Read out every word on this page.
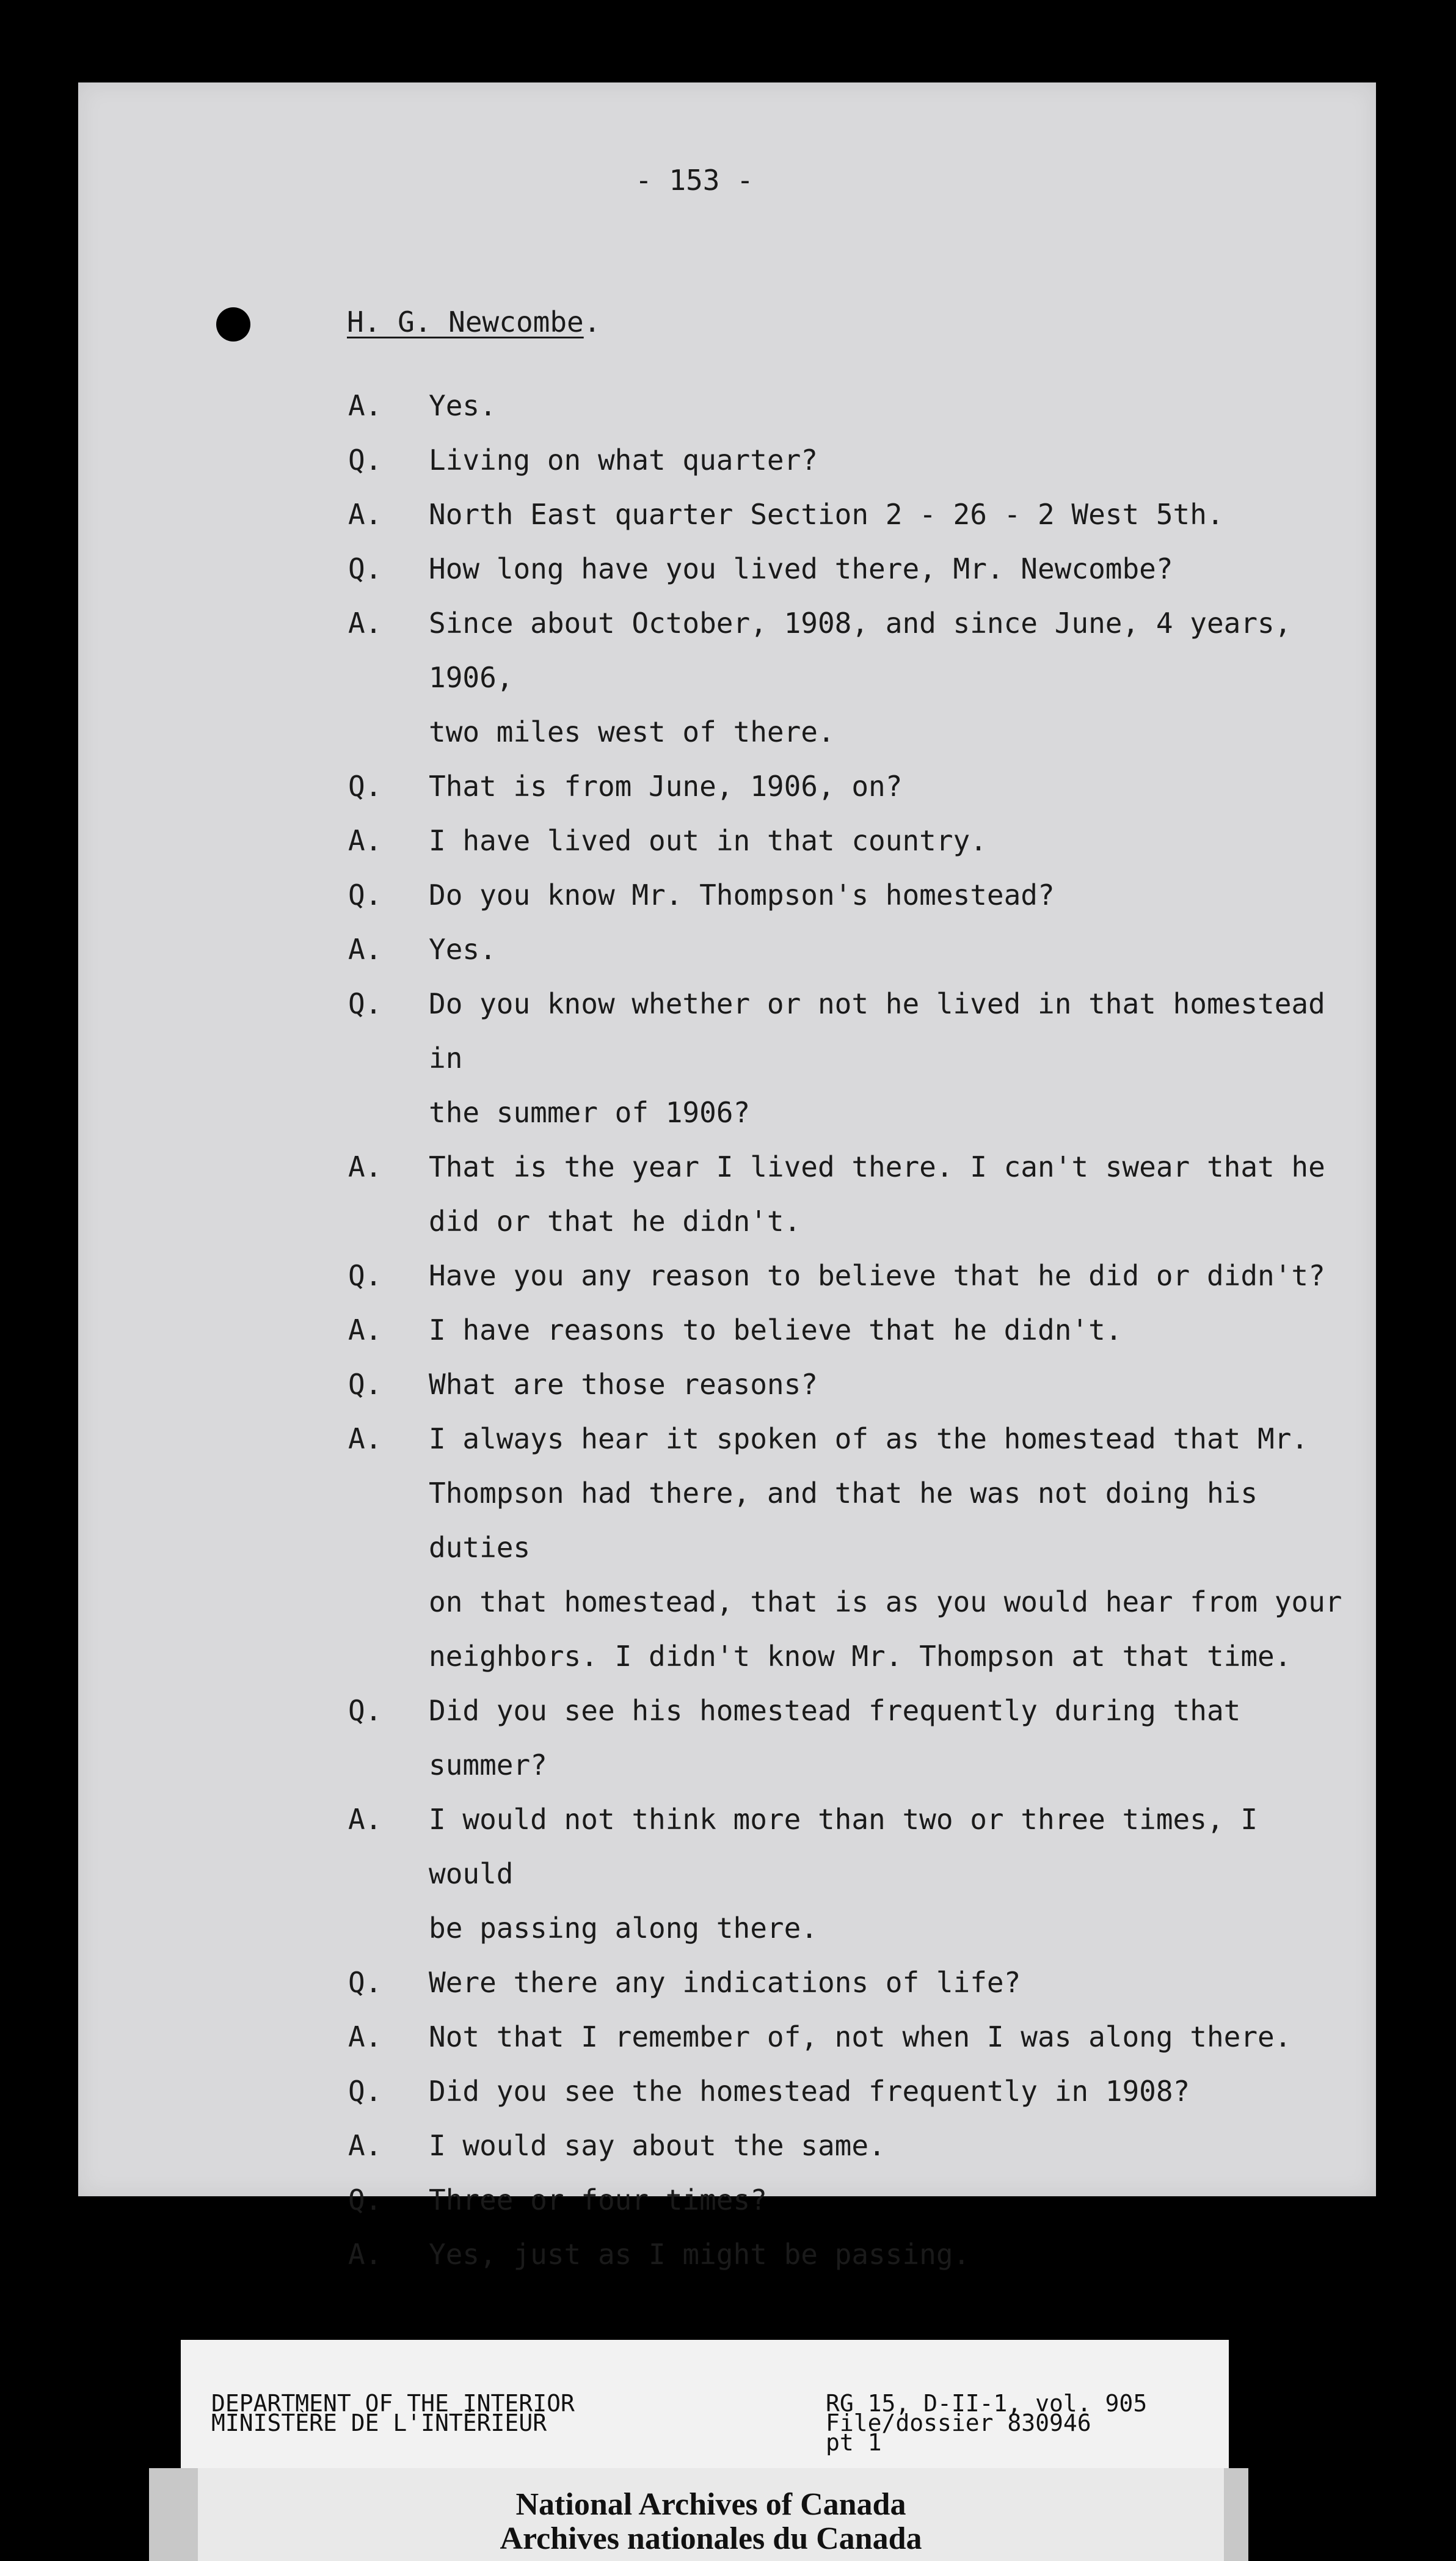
- 153 -
H. G. Newcombe.
A.	Yes.
Q.	Living on what quarter?
A.	North East quarter Section 2 - 26 - 2 West 5th.
Q.	How long have you lived there, Mr. Newcombe?
A.	Since about October, 1908, and since June, 4 years, 1906,
two miles west of there.
Q.	That is from June, 1906, on?
A.	I have lived out in that country.
Q.	Do you know Mr. Thompson's homestead?
A.	Yes.
Q.	Do you know whether or not he lived in that homestead in
the summer of 1906?
A.	That is the year I lived there. I can't swear that he
did or that he didn't.
Q.	Have you any reason to believe that he did or didn't?
A.	I have reasons to believe that he didn't.
Q.	What are those reasons?
A.	I always hear it spoken of as the homestead that Mr.
Thompson had there, and that he was not doing his duties
on that homestead, that is as you would hear from your
neighbors. I didn't know Mr. Thompson at that time.
Q.	Did you see his homestead frequently during that summer?
A.	I would not think more than two or three times, I would
be passing along there.
Q.	Were there any indications of life?
A.	Not that I remember of, not when I was along there.
Q.	Did you see the homestead frequently in 1908?
A.	I would say about the same.
Q.	Three or four times?
A.	Yes, just as I might be passing.
DEPARTMENT OF THE INTERIOR
MINISTÈRE DE L'INTÉRIEUR
RG 15, D-II-1, vol. 905
File/dossier 830946
pt 1
National Archives of Canada
Archives nationales du Canada
